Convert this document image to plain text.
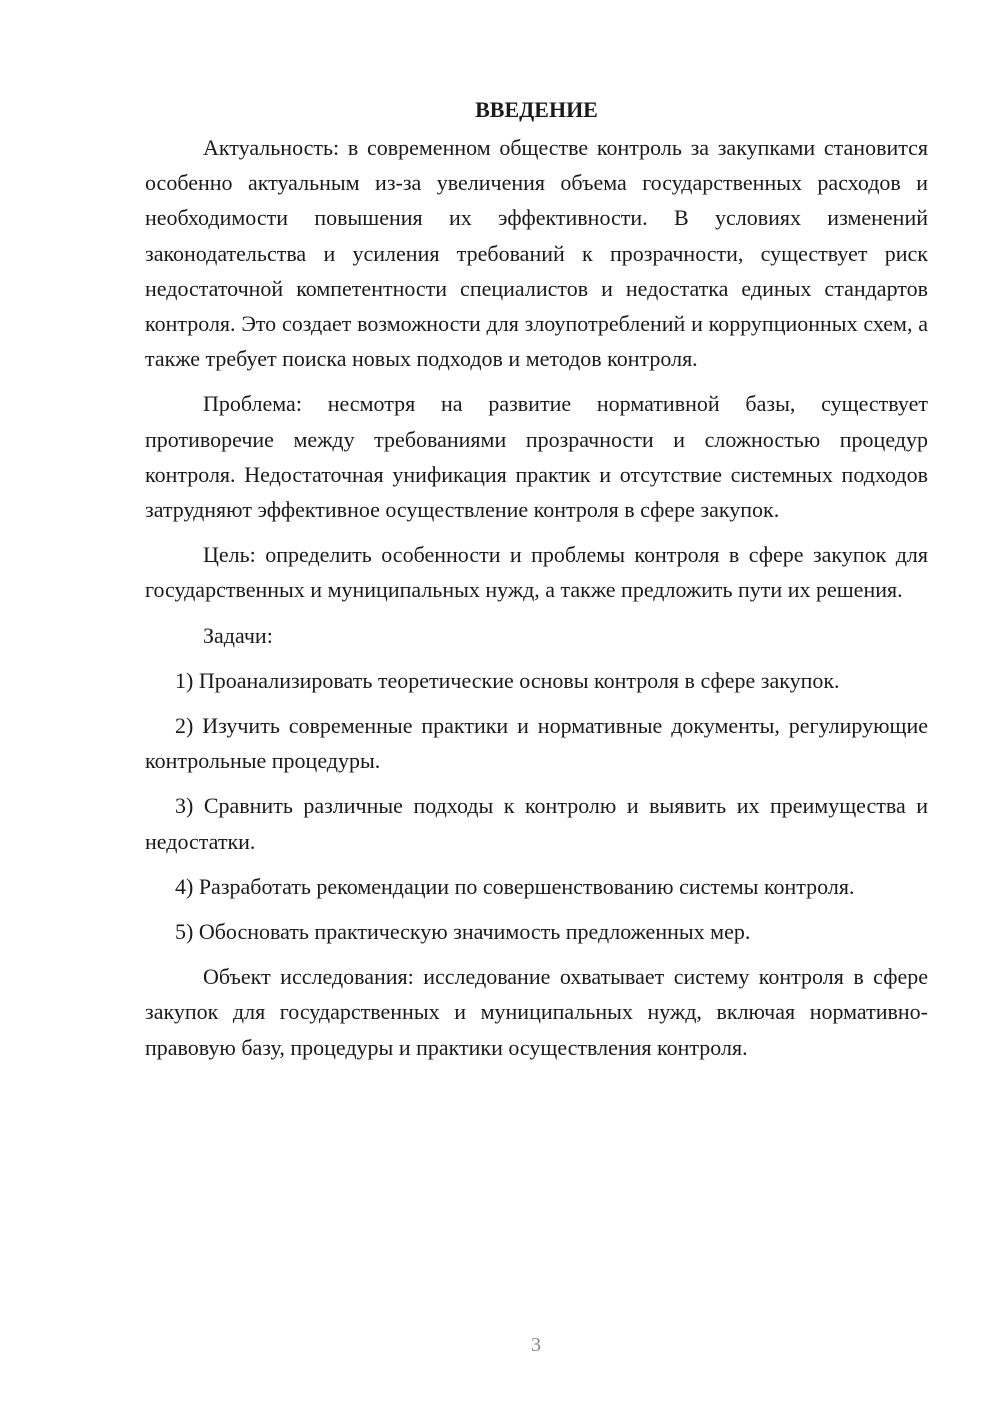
ВВЕДЕНИЕ

Актуальность: в современном обществе контроль за закупками становится особенно актуальным из-за увеличения объема государственных расходов и необходимости повышения их эффективности. В условиях изменений законодательства и усиления требований к прозрачности, существует риск недостаточной компетентности специалистов и недостатка единых стандартов контроля. Это создает возможности для злоупотреблений и коррупционных схем, а также требует поиска новых подходов и методов контроля.

Проблема: несмотря на развитие нормативной базы, существует противоречие между требованиями прозрачности и сложностью процедур контроля. Недостаточная унификация практик и отсутствие системных подходов затрудняют эффективное осуществление контроля в сфере закупок.

Цель: определить особенности и проблемы контроля в сфере закупок для государственных и муниципальных нужд, а также предложить пути их решения.

Задачи:

1) Проанализировать теоретические основы контроля в сфере закупок.

2) Изучить современные практики и нормативные документы, регулирующие контрольные процедуры.

3) Сравнить различные подходы к контролю и выявить их преимущества и недостатки.

4) Разработать рекомендации по совершенствованию системы контроля.

5) Обосновать практическую значимость предложенных мер.

Объект исследования: исследование охватывает систему контроля в сфере закупок для государственных и муниципальных нужд, включая нормативно-правовую базу, процедуры и практики осуществления контроля.

3
